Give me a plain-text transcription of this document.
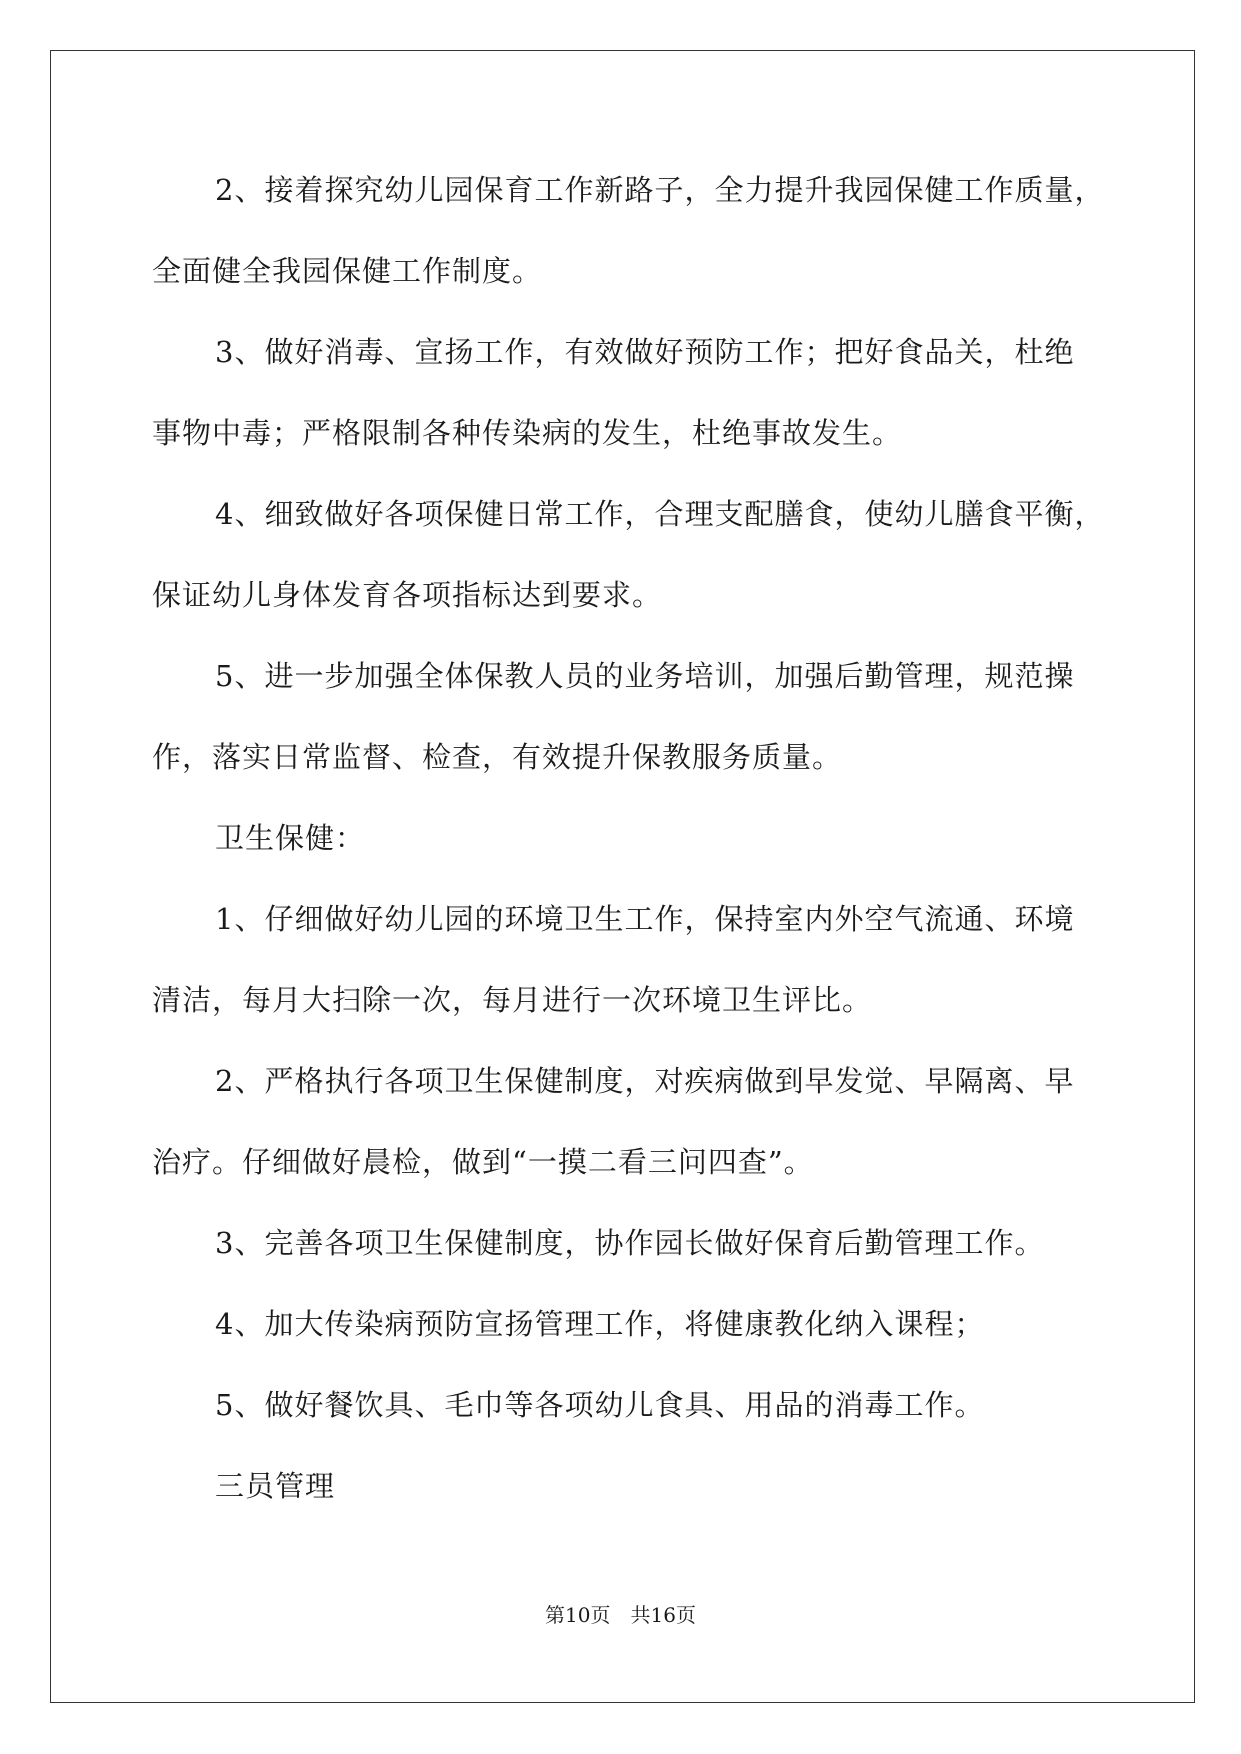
2、接着探究幼儿园保育工作新路子，全力提升我园保健工作质量，
全面健全我园保健工作制度。
3、做好消毒、宣扬工作，有效做好预防工作；把好食品关，杜绝
事物中毒；严格限制各种传染病的发生，杜绝事故发生。
4、细致做好各项保健日常工作，合理支配膳食，使幼儿膳食平衡，
保证幼儿身体发育各项指标达到要求。
5、进一步加强全体保教人员的业务培训，加强后勤管理，规范操
作，落实日常监督、检查，有效提升保教服务质量。
卫生保健：
1、仔细做好幼儿园的环境卫生工作，保持室内外空气流通、环境
清洁，每月大扫除一次，每月进行一次环境卫生评比。
2、严格执行各项卫生保健制度，对疾病做到早发觉、早隔离、早
治疗。仔细做好晨检，做到“一摸二看三问四查”。
3、完善各项卫生保健制度，协作园长做好保育后勤管理工作。
4、加大传染病预防宣扬管理工作，将健康教化纳入课程；
5、做好餐饮具、毛巾等各项幼儿食具、用品的消毒工作。
三员管理
第10页　共16页
